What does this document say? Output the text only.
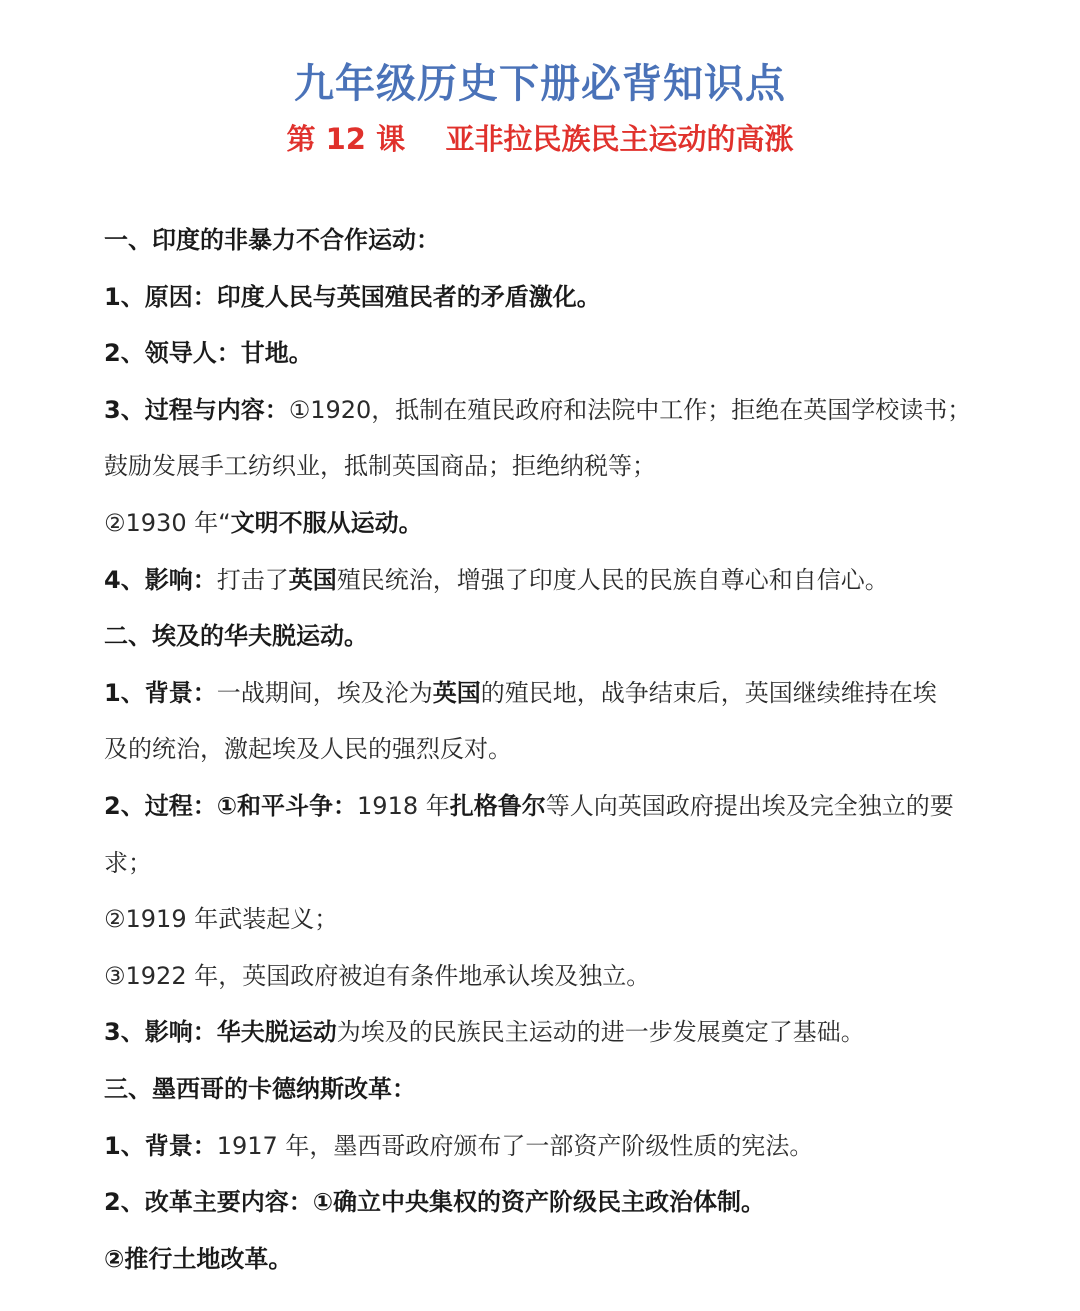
九年级历史下册必背知识点
第 12 课    亚非拉民族民主运动的高涨
一、印度的非暴力不合作运动：
1、原因：印度人民与英国殖民者的矛盾激化。
2、领导人：甘地。
3、过程与内容：①1920，抵制在殖民政府和法院中工作；拒绝在英国学校读书；
鼓励发展手工纺织业，抵制英国商品；拒绝纳税等；
②1930 年“文明不服从运动。
4、影响：打击了英国殖民统治，增强了印度人民的民族自尊心和自信心。
二、埃及的华夫脱运动。
1、背景：一战期间，埃及沦为英国的殖民地，战争结束后，英国继续维持在埃
及的统治，激起埃及人民的强烈反对。
2、过程：①和平斗争：1918 年扎格鲁尔等人向英国政府提出埃及完全独立的要
求；
②1919 年武装起义；
③1922 年，英国政府被迫有条件地承认埃及独立。
3、影响：华夫脱运动为埃及的民族民主运动的进一步发展奠定了基础。
三、墨西哥的卡德纳斯改革：
1、背景：1917 年，墨西哥政府颁布了一部资产阶级性质的宪法。
2、改革主要内容：①确立中央集权的资产阶级民主政治体制。
②推行土地改革。
